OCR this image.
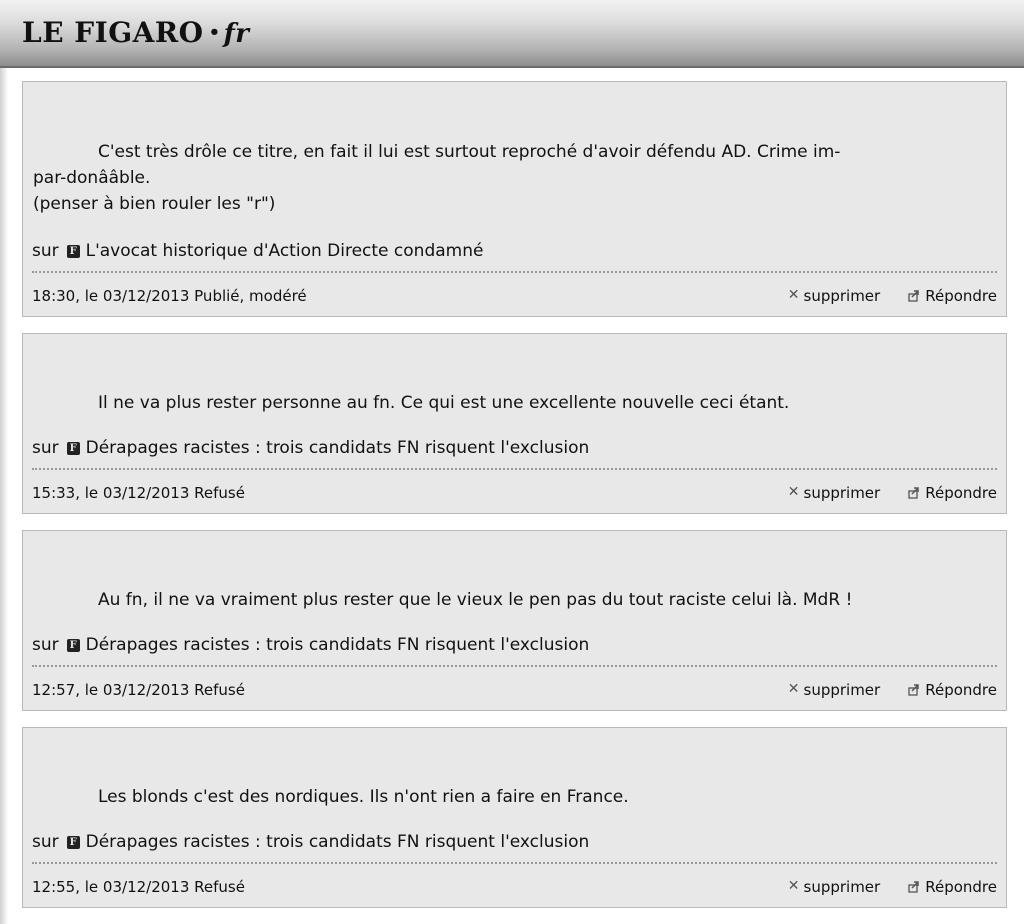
LE FIGARO • fr
C'est très drôle ce titre, en fait il lui est surtout reproché d'avoir défendu AD. Crime im-
par-donââble.
(penser à bien rouler les "r")
sur F L'avocat historique d'Action Directe condamné
18:30, le 03/12/2013 Publié, modéré	✕ supprimer	Répondre
Il ne va plus rester personne au fn. Ce qui est une excellente nouvelle ceci étant.
sur F Dérapages racistes : trois candidats FN risquent l'exclusion
15:33, le 03/12/2013 Refusé	✕ supprimer	Répondre
Au fn, il ne va vraiment plus rester que le vieux le pen pas du tout raciste celui là. MdR !
sur F Dérapages racistes : trois candidats FN risquent l'exclusion
12:57, le 03/12/2013 Refusé	✕ supprimer	Répondre
Les blonds c'est des nordiques. Ils n'ont rien a faire en France.
sur F Dérapages racistes : trois candidats FN risquent l'exclusion
12:55, le 03/12/2013 Refusé	✕ supprimer	Répondre
